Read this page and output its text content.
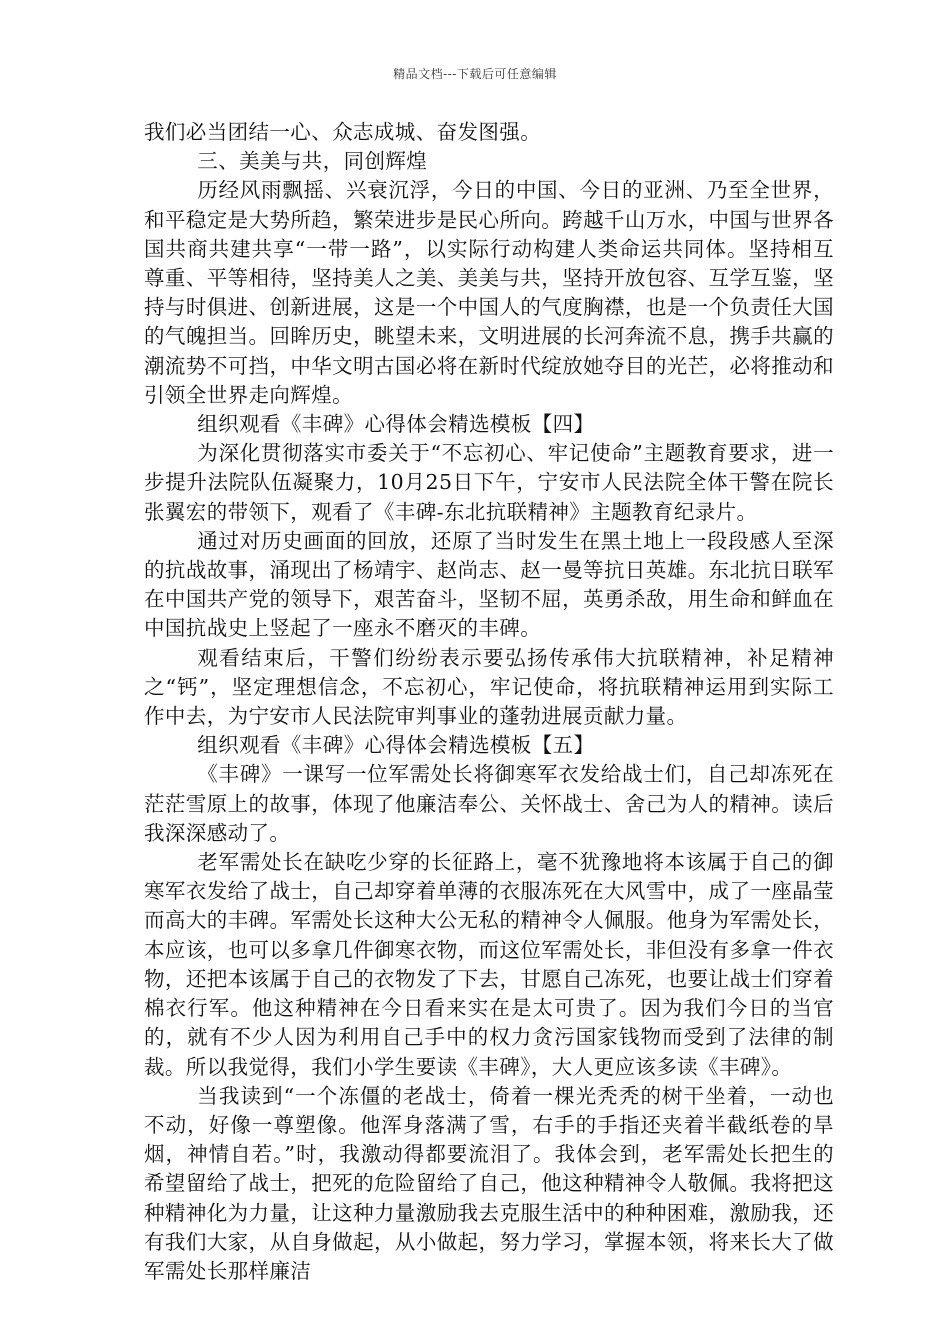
精品文档---下载后可任意编辑

我们必当团结一心、众志成城、奋发图强。

三、美美与共，同创辉煌

历经风雨飘摇、兴衰沉浮，今日的中国、今日的亚洲、乃至全世界，和平稳定是大势所趋，繁荣进步是民心所向。跨越千山万水，中国与世界各国共商共建共享“一带一路”，以实际行动构建人类命运共同体。坚持相互尊重、平等相待，坚持美人之美、美美与共，坚持开放包容、互学互鉴，坚持与时俱进、创新进展，这是一个中国人的气度胸襟，也是一个负责任大国的气魄担当。回眸历史，眺望未来，文明进展的长河奔流不息，携手共赢的潮流势不可挡，中华文明古国必将在新时代绽放她夺目的光芒，必将推动和引领全世界走向辉煌。

组织观看《丰碑》心得体会精选模板【四】

为深化贯彻落实市委关于“不忘初心、牢记使命”主题教育要求，进一步提升法院队伍凝聚力，10月25日下午，宁安市人民法院全体干警在院长张翼宏的带领下，观看了《丰碑-东北抗联精神》主题教育纪录片。

通过对历史画面的回放，还原了当时发生在黑土地上一段段感人至深的抗战故事，涌现出了杨靖宇、赵尚志、赵一曼等抗日英雄。东北抗日联军在中国共产党的领导下，艰苦奋斗，坚韧不屈，英勇杀敌，用生命和鲜血在中国抗战史上竖起了一座永不磨灭的丰碑。

观看结束后，干警们纷纷表示要弘扬传承伟大抗联精神，补足精神之“钙”，坚定理想信念，不忘初心，牢记使命，将抗联精神运用到实际工作中去，为宁安市人民法院审判事业的蓬勃进展贡献力量。

组织观看《丰碑》心得体会精选模板【五】

《丰碑》一课写一位军需处长将御寒军衣发给战士们，自己却冻死在茫茫雪原上的故事，体现了他廉洁奉公、关怀战士、舍己为人的精神。读后我深深感动了。

老军需处长在缺吃少穿的长征路上，毫不犹豫地将本该属于自己的御寒军衣发给了战士，自己却穿着单薄的衣服冻死在大风雪中，成了一座晶莹而高大的丰碑。军需处长这种大公无私的精神令人佩服。他身为军需处长，本应该，也可以多拿几件御寒衣物，而这位军需处长，非但没有多拿一件衣物，还把本该属于自己的衣物发了下去，甘愿自己冻死，也要让战士们穿着棉衣行军。他这种精神在今日看来实在是太可贵了。因为我们今日的当官的，就有不少人因为利用自己手中的权力贪污国家钱物而受到了法律的制裁。所以我觉得，我们小学生要读《丰碑》，大人更应该多读《丰碑》。

当我读到“一个冻僵的老战士，倚着一棵光秃秃的树干坐着，一动也不动，好像一尊塑像。他浑身落满了雪，右手的手指还夹着半截纸卷的旱烟，神情自若。”时，我激动得都要流泪了。我体会到，老军需处长把生的希望留给了战士，把死的危险留给了自己，他这种精神令人敬佩。我将把这种精神化为力量，让这种力量激励我去克服生活中的种种困难，激励我，还有我们大家，从自身做起，从小做起，努力学习，掌握本领，将来长大了做军需处长那样廉洁
